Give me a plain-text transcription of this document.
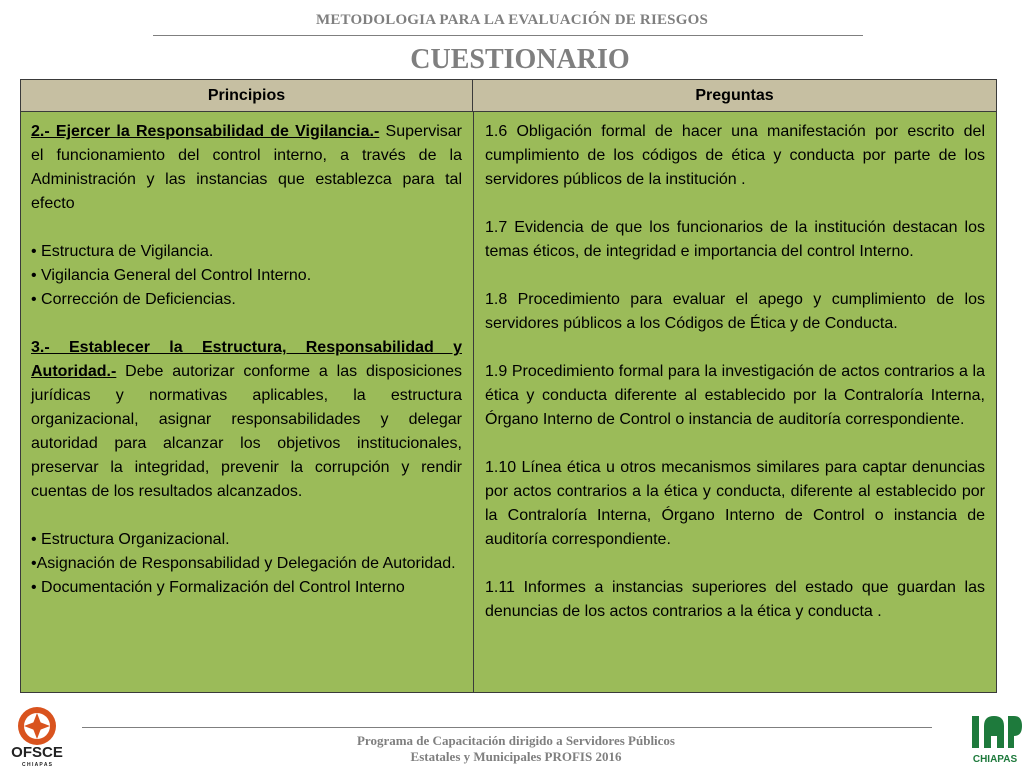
METODOLOGIA PARA LA EVALUACIÓN DE RIESGOS
CUESTIONARIO
Principios	Preguntas

2.- Ejercer la Responsabilidad de Vigilancia.- Supervisar el funcionamiento del control interno, a través de la Administración y las instancias que establezca para tal efecto

• Estructura de Vigilancia.

• Vigilancia General del Control Interno.

• Corrección de Deficiencias.

3.- Establecer la Estructura, Responsabilidad y Autoridad.- Debe autorizar conforme a las disposiciones jurídicas y normativas aplicables, la estructura organizacional, asignar responsabilidades y delegar autoridad para alcanzar los objetivos institucionales, preservar la integridad, prevenir la corrupción y rendir cuentas de los resultados alcanzados.

• Estructura Organizacional.

•Asignación de Responsabilidad y Delegación de Autoridad.

• Documentación y Formalización del Control Interno

1.6 Obligación formal de hacer una manifestación por escrito del cumplimiento de los códigos de ética y conducta por parte de los servidores públicos de la institución .

1.7 Evidencia de que los funcionarios de la institución destacan los temas éticos, de integridad e importancia del control Interno.

1.8 Procedimiento para evaluar el apego y cumplimiento de los servidores públicos a los Códigos de Ética y de Conducta.

1.9 Procedimiento formal para la investigación de actos contrarios a la ética y conducta diferente al establecido por la Contraloría Interna, Órgano Interno de Control o instancia de auditoría correspondiente.

1.10 Línea ética u otros mecanismos similares para captar denuncias por actos contrarios a la ética y conducta, diferente al establecido por la Contraloría Interna, Órgano Interno de Control o instancia de auditoría correspondiente.

1.11 Informes a instancias superiores del estado que guardan las denuncias de los actos contrarios a la ética y conducta .

Programa de Capacitación dirigido a Servidores Públicos
Estatales y Municipales PROFIS 2016
OFSCE
C H I A P A S	CHIAPAS
